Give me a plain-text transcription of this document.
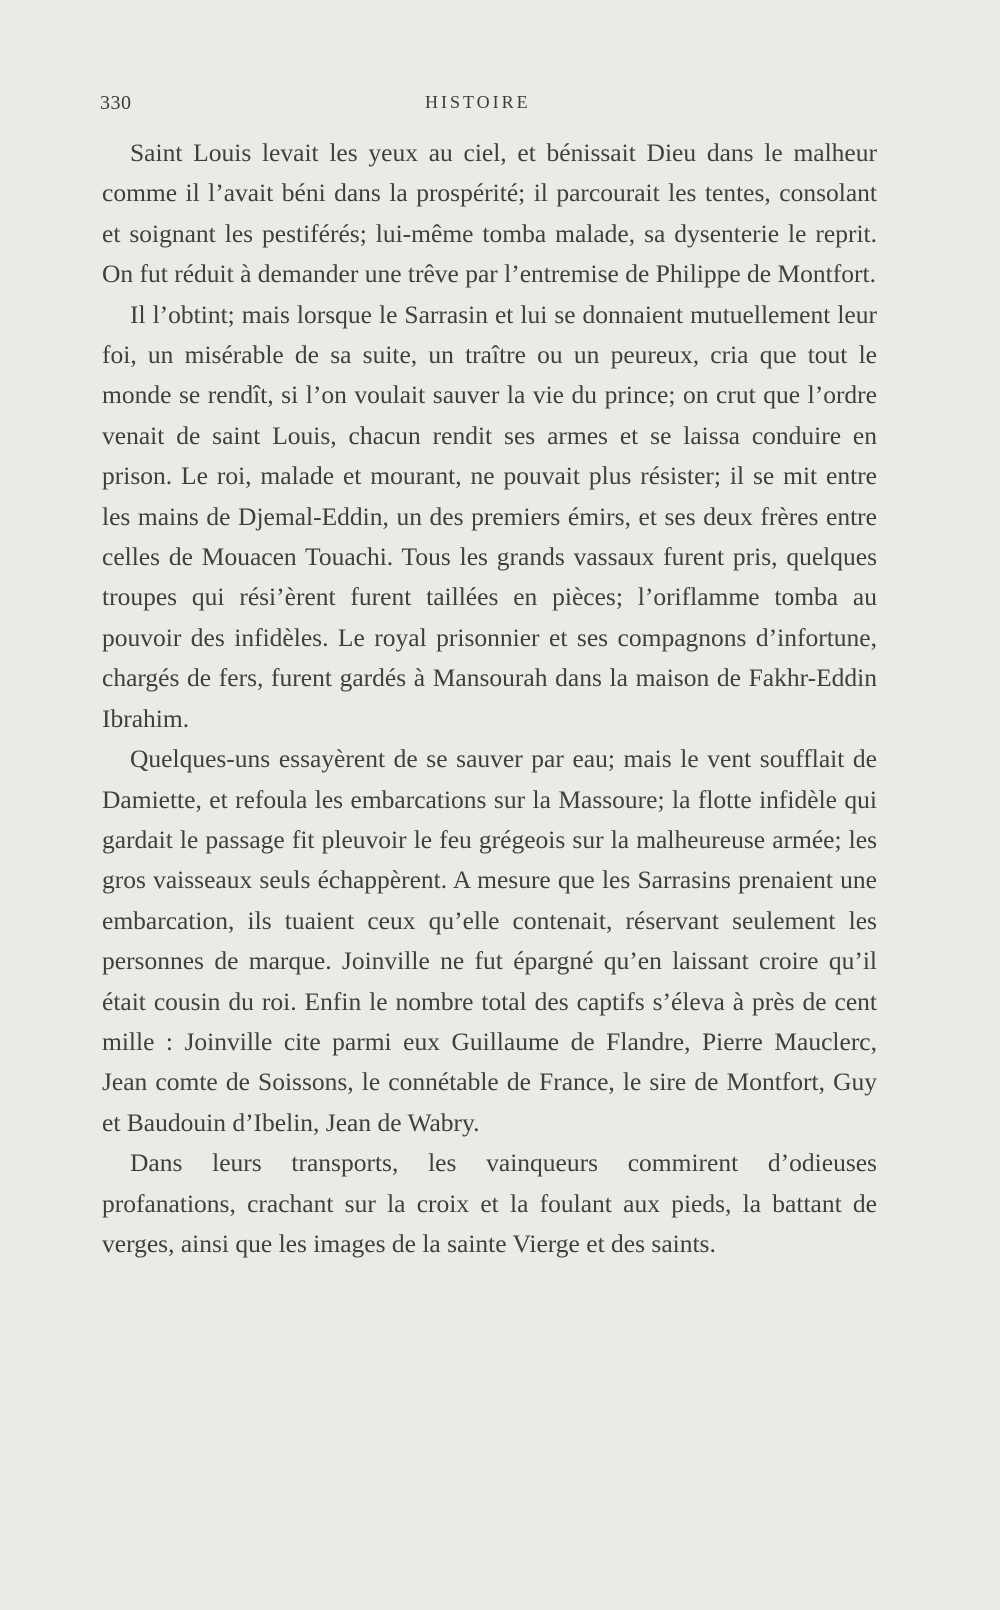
330	HISTOIRE

Saint Louis levait les yeux au ciel, et bénissait Dieu dans le malheur comme il l’avait béni dans la prospérité; il parcourait les tentes, consolant et soignant les pestiférés; lui-même tomba malade, sa dysenterie le reprit. On fut réduit à demander une trêve par l’entremise de Philippe de Montfort.

Il l’obtint; mais lorsque le Sarrasin et lui se donnaient mutuellement leur foi, un misérable de sa suite, un traître ou un peureux, cria que tout le monde se rendît, si l’on voulait sauver la vie du prince; on crut que l’ordre venait de saint Louis, chacun rendit ses armes et se laissa conduire en prison. Le roi, malade et mourant, ne pouvait plus résister; il se mit entre les mains de Djemal-Eddin, un des premiers émirs, et ses deux frères entre celles de Mouacen Touachi. Tous les grands vassaux furent pris, quelques troupes qui rési’èrent furent taillées en pièces; l’oriflamme tomba au pouvoir des infidèles. Le royal prisonnier et ses compagnons d’infortune, chargés de fers, furent gardés à Mansourah dans la maison de Fakhr-Eddin Ibrahim.

Quelques-uns essayèrent de se sauver par eau; mais le vent soufflait de Damiette, et refoula les embarcations sur la Massoure; la flotte infidèle qui gardait le passage fit pleuvoir le feu grégeois sur la malheureuse armée; les gros vaisseaux seuls échappèrent. A mesure que les Sarrasins prenaient une embarcation, ils tuaient ceux qu’elle contenait, réservant seulement les personnes de marque. Joinville ne fut épargné qu’en laissant croire qu’il était cousin du roi. Enfin le nombre total des captifs s’éleva à près de cent mille : Joinville cite parmi eux Guillaume de Flandre, Pierre Mauclerc, Jean comte de Soissons, le connétable de France, le sire de Montfort, Guy et Baudouin d’Ibelin, Jean de Wabry.

Dans leurs transports, les vainqueurs commirent d’odieuses profanations, crachant sur la croix et la foulant aux pieds, la battant de verges, ainsi que les images de la sainte Vierge et des saints.
